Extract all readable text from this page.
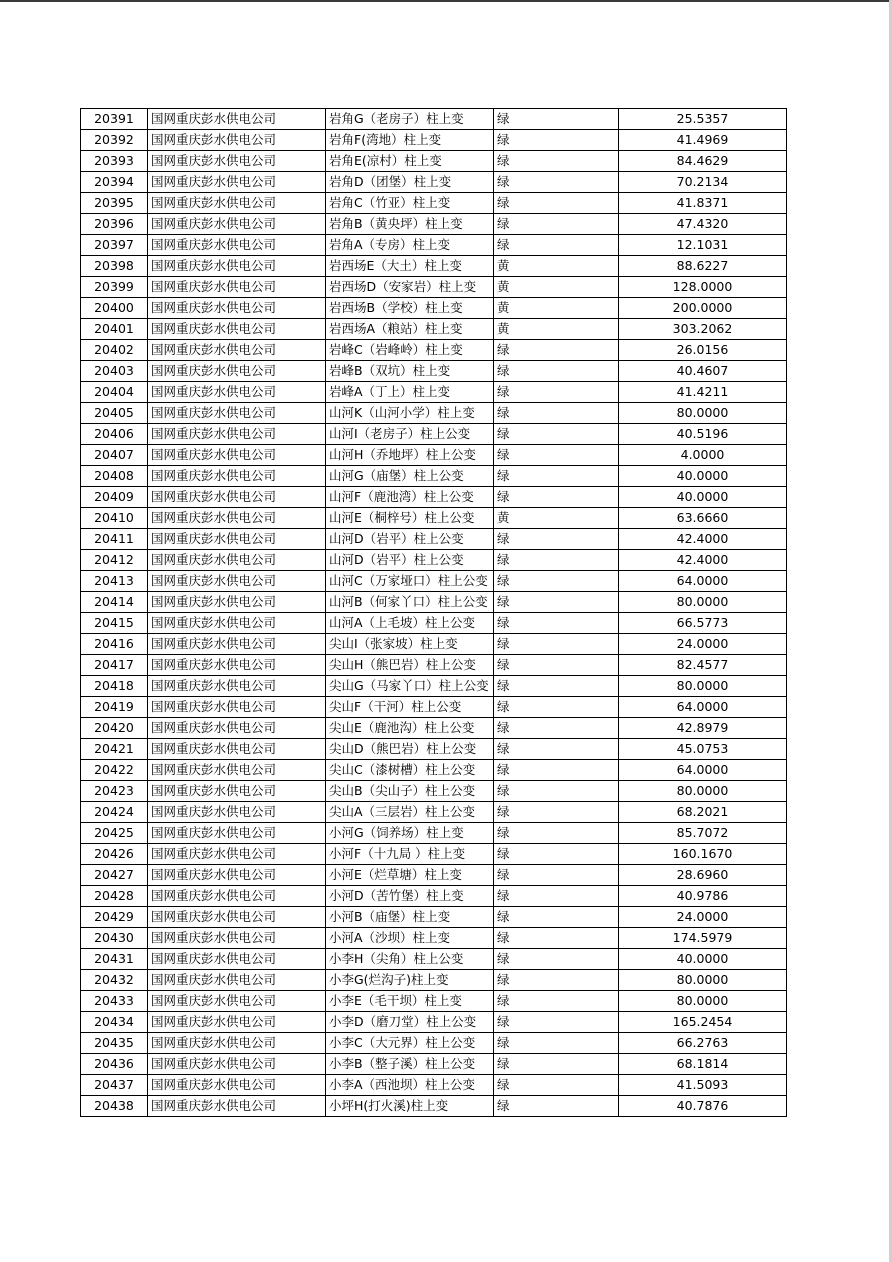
20391	国网重庆彭水供电公司	岩角G（老房子）柱上变	绿	25.5357
20392	国网重庆彭水供电公司	岩角F(湾地）柱上变	绿	41.4969
20393	国网重庆彭水供电公司	岩角E(凉村）柱上变	绿	84.4629
20394	国网重庆彭水供电公司	岩角D（团堡）柱上变	绿	70.2134
20395	国网重庆彭水供电公司	岩角C（竹亚）柱上变	绿	41.8371
20396	国网重庆彭水供电公司	岩角B（黄央坪）柱上变	绿	47.4320
20397	国网重庆彭水供电公司	岩角A（专房）柱上变	绿	12.1031
20398	国网重庆彭水供电公司	岩西场E（大土）柱上变	黄	88.6227
20399	国网重庆彭水供电公司	岩西场D（安家岩）柱上变	黄	128.0000
20400	国网重庆彭水供电公司	岩西场B（学校）柱上变	黄	200.0000
20401	国网重庆彭水供电公司	岩西场A（粮站）柱上变	黄	303.2062
20402	国网重庆彭水供电公司	岩峰C（岩峰岭）柱上变	绿	26.0156
20403	国网重庆彭水供电公司	岩峰B（双坑）柱上变	绿	40.4607
20404	国网重庆彭水供电公司	岩峰A（丁上）柱上变	绿	41.4211
20405	国网重庆彭水供电公司	山河K（山河小学）柱上变	绿	80.0000
20406	国网重庆彭水供电公司	山河I（老房子）柱上公变	绿	40.5196
20407	国网重庆彭水供电公司	山河H（乔地坪）柱上公变	绿	4.0000
20408	国网重庆彭水供电公司	山河G（庙堡）柱上公变	绿	40.0000
20409	国网重庆彭水供电公司	山河F（鹿池湾）柱上公变	绿	40.0000
20410	国网重庆彭水供电公司	山河E（桐梓号）柱上公变	黄	63.6660
20411	国网重庆彭水供电公司	山河D（岩平）柱上公变	绿	42.4000
20412	国网重庆彭水供电公司	山河D（岩平）柱上公变	绿	42.4000
20413	国网重庆彭水供电公司	山河C（万家垭口）柱上公变	绿	64.0000
20414	国网重庆彭水供电公司	山河B（何家丫口）柱上公变	绿	80.0000
20415	国网重庆彭水供电公司	山河A（上毛坡）柱上公变	绿	66.5773
20416	国网重庆彭水供电公司	尖山I（张家坡）柱上变	绿	24.0000
20417	国网重庆彭水供电公司	尖山H（熊巴岩）柱上公变	绿	82.4577
20418	国网重庆彭水供电公司	尖山G（马家丫口）柱上公变	绿	80.0000
20419	国网重庆彭水供电公司	尖山F（干河）柱上公变	绿	64.0000
20420	国网重庆彭水供电公司	尖山E（鹿池沟）柱上公变	绿	42.8979
20421	国网重庆彭水供电公司	尖山D（熊巴岩）柱上公变	绿	45.0753
20422	国网重庆彭水供电公司	尖山C（漆树槽）柱上公变	绿	64.0000
20423	国网重庆彭水供电公司	尖山B（尖山子）柱上公变	绿	80.0000
20424	国网重庆彭水供电公司	尖山A（三层岩）柱上公变	绿	68.2021
20425	国网重庆彭水供电公司	小河G（饲养场）柱上变	绿	85.7072
20426	国网重庆彭水供电公司	小河F（十九局 ）柱上变	绿	160.1670
20427	国网重庆彭水供电公司	小河E（烂草塘）柱上变	绿	28.6960
20428	国网重庆彭水供电公司	小河D（苦竹堡）柱上变	绿	40.9786
20429	国网重庆彭水供电公司	小河B（庙堡）柱上变	绿	24.0000
20430	国网重庆彭水供电公司	小河A（沙坝）柱上变	绿	174.5979
20431	国网重庆彭水供电公司	小李H（尖角）柱上公变	绿	40.0000
20432	国网重庆彭水供电公司	小李G(烂沟子)柱上变	绿	80.0000
20433	国网重庆彭水供电公司	小李E（毛干坝）柱上变	绿	80.0000
20434	国网重庆彭水供电公司	小李D（磨刀堂）柱上公变	绿	165.2454
20435	国网重庆彭水供电公司	小李C（大元界）柱上公变	绿	66.2763
20436	国网重庆彭水供电公司	小李B（整子溪）柱上公变	绿	68.1814
20437	国网重庆彭水供电公司	小李A（西池坝）柱上公变	绿	41.5093
20438	国网重庆彭水供电公司	小坪H(打火溪)柱上变	绿	40.7876
